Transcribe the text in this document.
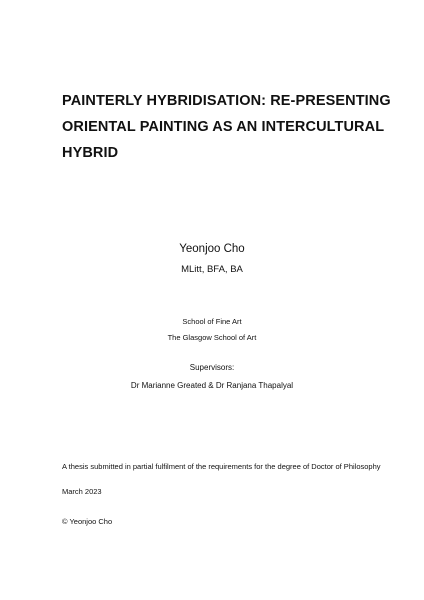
PAINTERLY HYBRIDISATION: RE-PRESENTING
ORIENTAL PAINTING AS AN INTERCULTURAL
HYBRID
Yeonjoo Cho
MLitt, BFA, BA
School of Fine Art
The Glasgow School of Art
Supervisors:
Dr Marianne Greated & Dr Ranjana Thapalyal
A thesis submitted in partial fulfilment of the requirements for the degree of Doctor of Philosophy
March 2023
© Yeonjoo Cho
